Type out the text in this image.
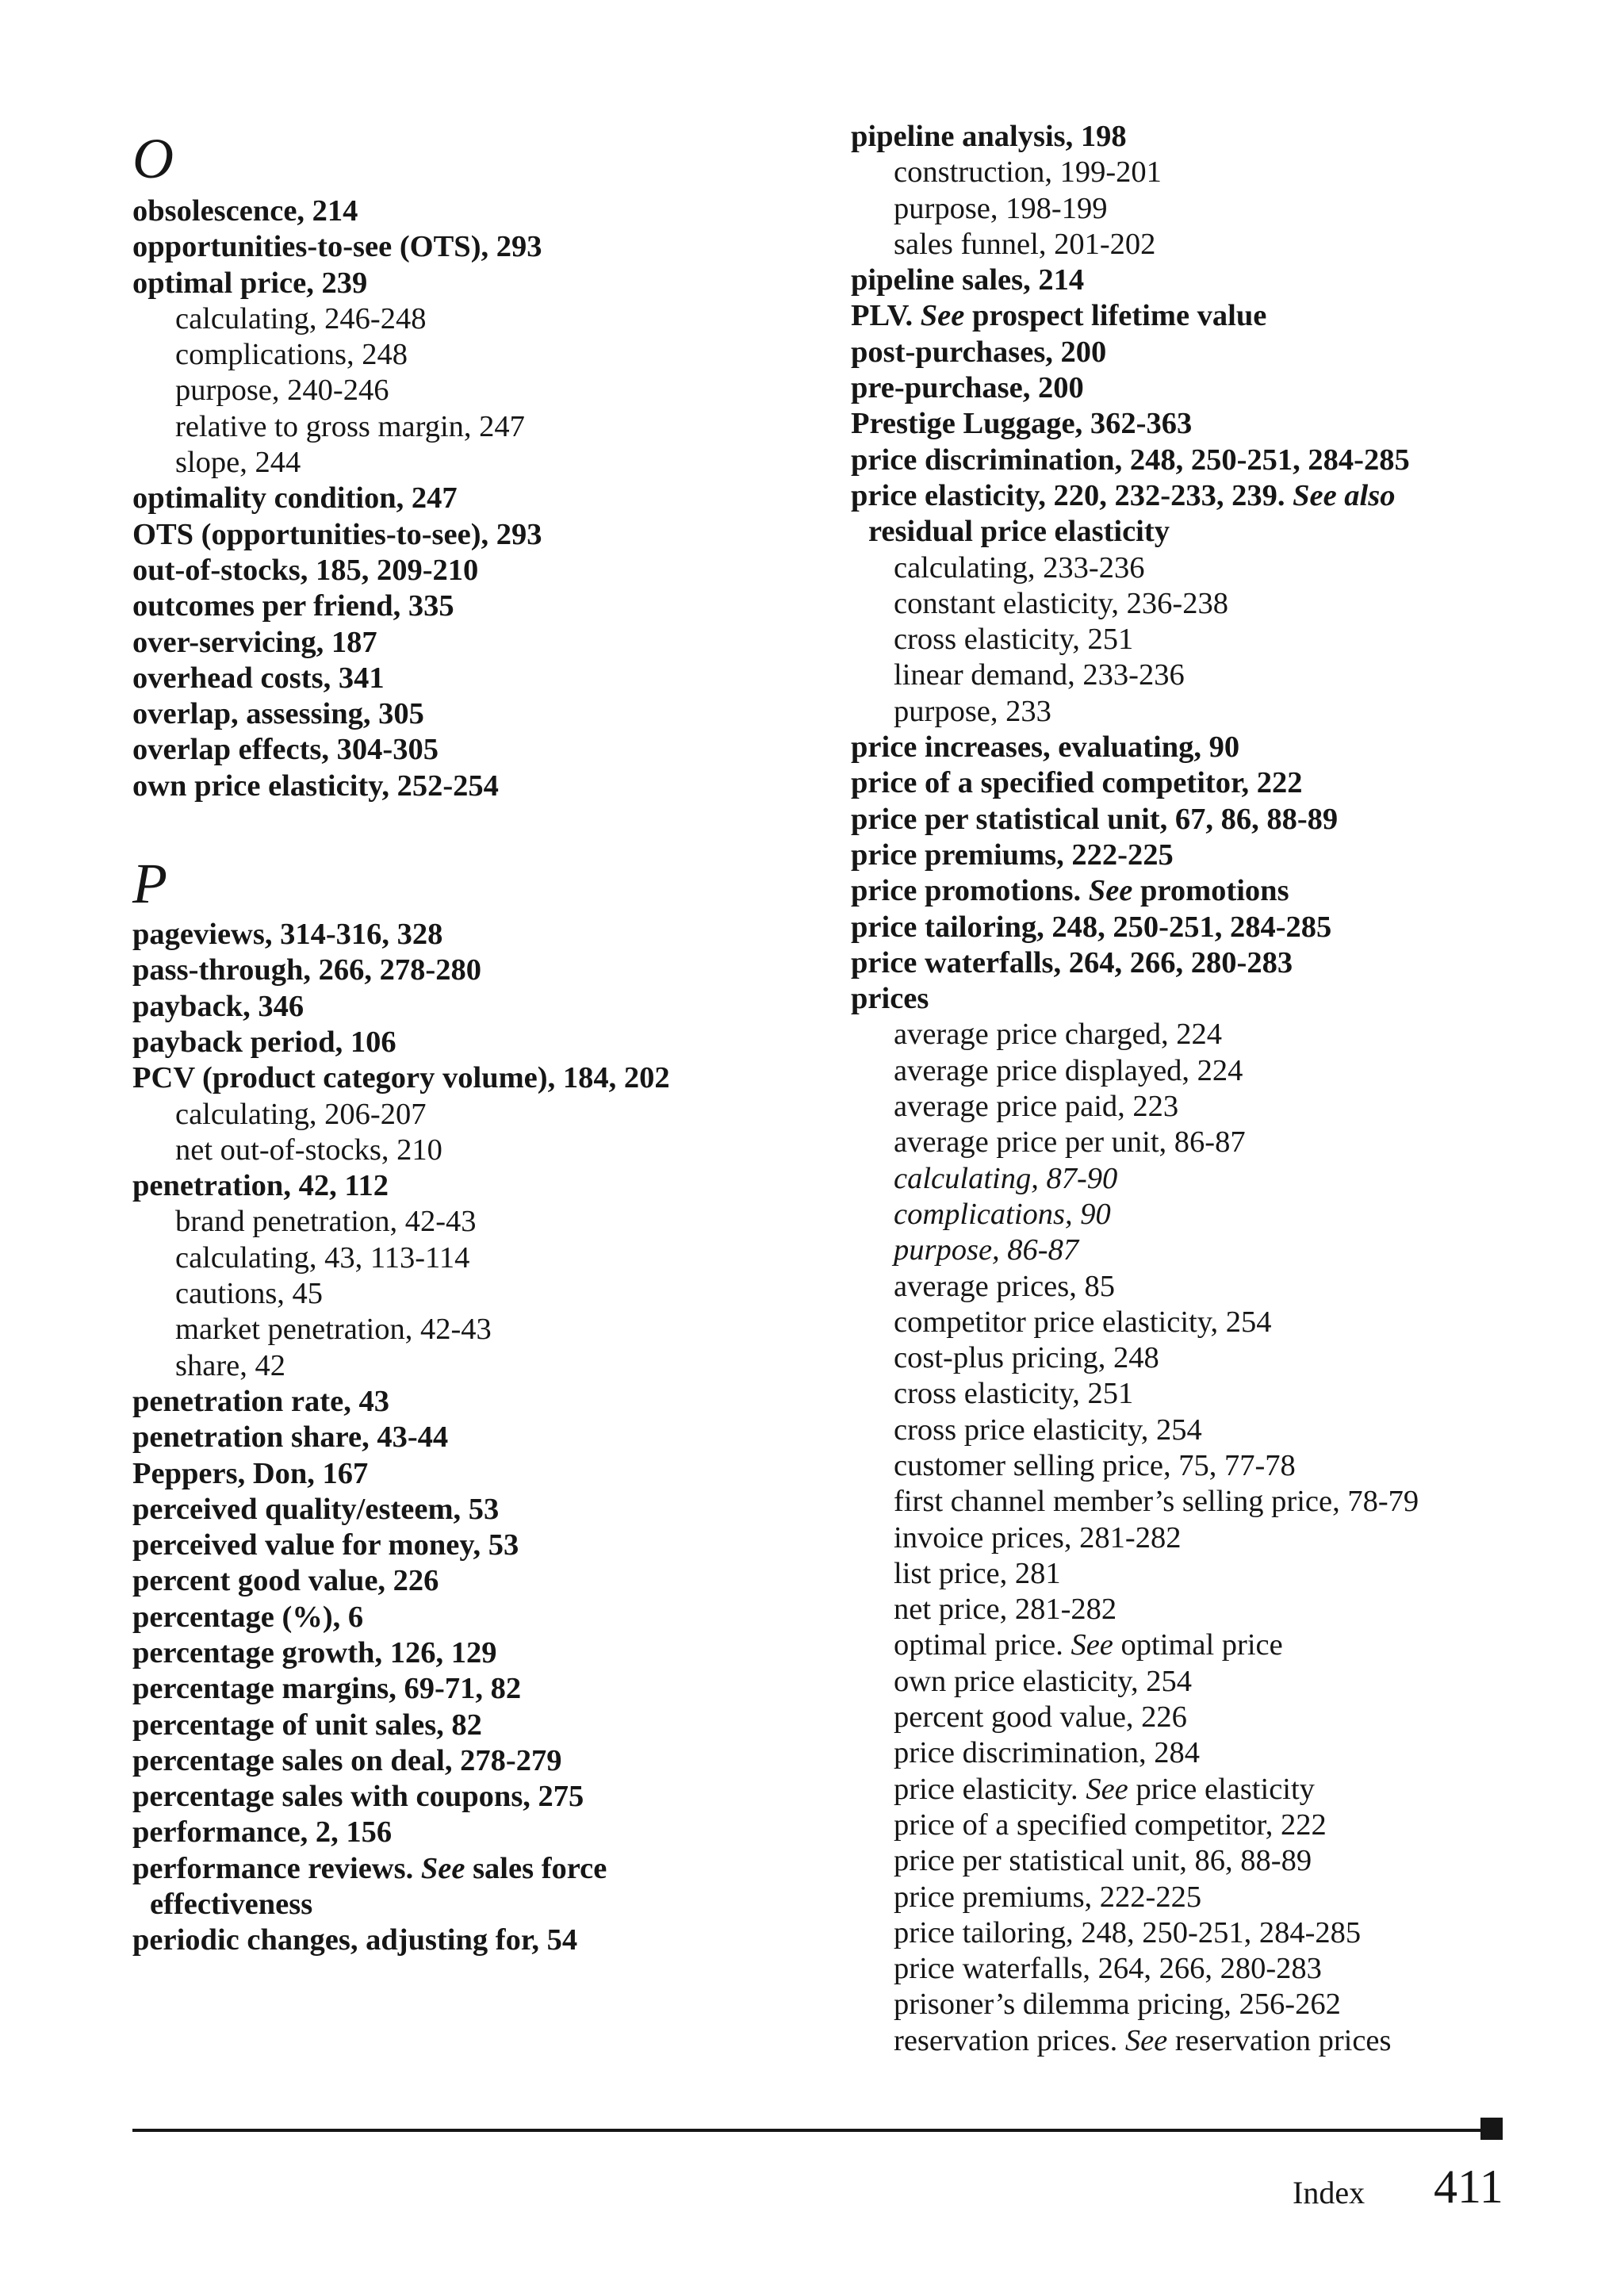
O
obsolescence, 214
opportunities-to-see (OTS), 293
optimal price, 239
calculating, 246-248
complications, 248
purpose, 240-246
relative to gross margin, 247
slope, 244
optimality condition, 247
OTS (opportunities-to-see), 293
out-of-stocks, 185, 209-210
outcomes per friend, 335
over-servicing, 187
overhead costs, 341
overlap, assessing, 305
overlap effects, 304-305
own price elasticity, 252-254
P
pageviews, 314-316, 328
pass-through, 266, 278-280
payback, 346
payback period, 106
PCV (product category volume), 184, 202
calculating, 206-207
net out-of-stocks, 210
penetration, 42, 112
brand penetration, 42-43
calculating, 43, 113-114
cautions, 45
market penetration, 42-43
share, 42
penetration rate, 43
penetration share, 43-44
Peppers, Don, 167
perceived quality/esteem, 53
perceived value for money, 53
percent good value, 226
percentage (%), 6
percentage growth, 126, 129
percentage margins, 69-71, 82
percentage of unit sales, 82
percentage sales on deal, 278-279
percentage sales with coupons, 275
performance, 2, 156
performance reviews. See sales force
effectiveness
periodic changes, adjusting for, 54
pipeline analysis, 198
construction, 199-201
purpose, 198-199
sales funnel, 201-202
pipeline sales, 214
PLV. See prospect lifetime value
post-purchases, 200
pre-purchase, 200
Prestige Luggage, 362-363
price discrimination, 248, 250-251, 284-285
price elasticity, 220, 232-233, 239. See also
residual price elasticity
calculating, 233-236
constant elasticity, 236-238
cross elasticity, 251
linear demand, 233-236
purpose, 233
price increases, evaluating, 90
price of a specified competitor, 222
price per statistical unit, 67, 86, 88-89
price premiums, 222-225
price promotions. See promotions
price tailoring, 248, 250-251, 284-285
price waterfalls, 264, 266, 280-283
prices
average price charged, 224
average price displayed, 224
average price paid, 223
average price per unit, 86-87
calculating, 87-90
complications, 90
purpose, 86-87
average prices, 85
competitor price elasticity, 254
cost-plus pricing, 248
cross elasticity, 251
cross price elasticity, 254
customer selling price, 75, 77-78
first channel member’s selling price, 78-79
invoice prices, 281-282
list price, 281
net price, 281-282
optimal price. See optimal price
own price elasticity, 254
percent good value, 226
price discrimination, 284
price elasticity. See price elasticity
price of a specified competitor, 222
price per statistical unit, 86, 88-89
price premiums, 222-225
price tailoring, 248, 250-251, 284-285
price waterfalls, 264, 266, 280-283
prisoner’s dilemma pricing, 256-262
reservation prices. See reservation prices
Index 411
